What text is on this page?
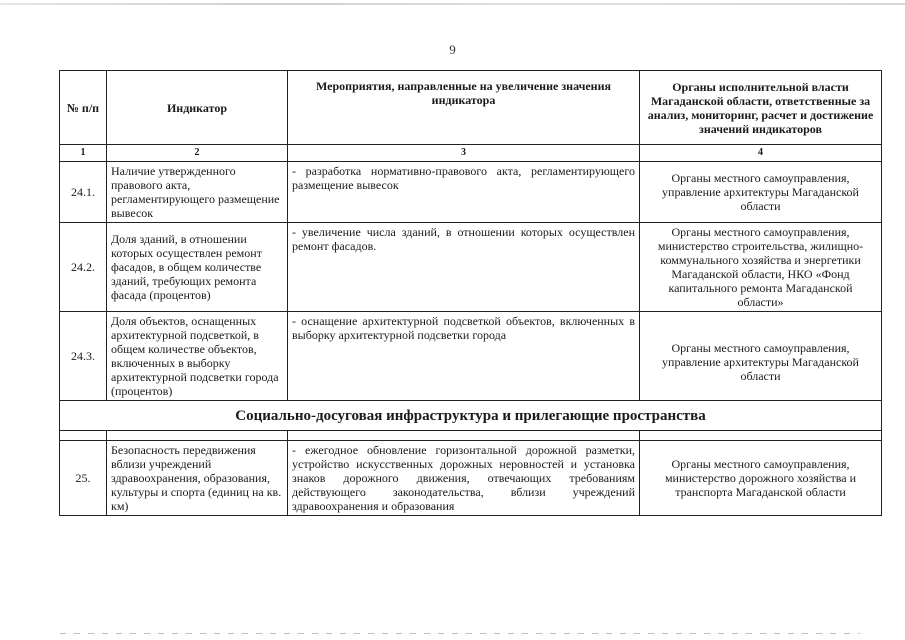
9
№ п/п	Индикатор	Мероприятия, направленные на увеличение значения индикатора	Органы исполнительной власти Магаданской области, ответственные за анализ, мониторинг, расчет и достижение значений индикаторов
1	2	3	4
24.1.	Наличие утвержденного правового акта, регламентирующего размещение вывесок	- разработка нормативно-правового акта, регламентирующего размещение вывесок	Органы местного самоуправления, управление архитектуры Магаданской области
24.2.	Доля зданий, в отношении которых осуществлен ремонт фасадов, в общем количестве зданий, требующих ремонта фасада (процентов)	- увеличение числа зданий, в отношении которых осуществлен ремонт фасадов.	Органы местного самоуправления, министерство строительства, жилищно-коммунального хозяйства и энергетики Магаданской области, НКО «Фонд капитального ремонта Магаданской области»
24.3.	Доля объектов, оснащенных архитектурной подсветкой, в общем количестве объектов, включенных в выборку архитектурной подсветки города (процентов)	- оснащение архитектурной подсветкой объектов, включенных в выборку архитектурной подсветки города	Органы местного самоуправления, управление архитектуры Магаданской области
Социально-досуговая инфраструктура и прилегающие пространства			

25.	Безопасность передвижения вблизи учреждений здравоохранения, образования, культуры и спорта (единиц на кв. км)	- ежегодное обновление горизонтальной дорожной разметки, устройство искусственных дорожных неровностей и установка знаков дорожного движения, отвечающих требованиям действующего законодательства, вблизи учреждений здравоохранения и образования	Органы местного самоуправления, министерство дорожного хозяйства и транспорта Магаданской области
